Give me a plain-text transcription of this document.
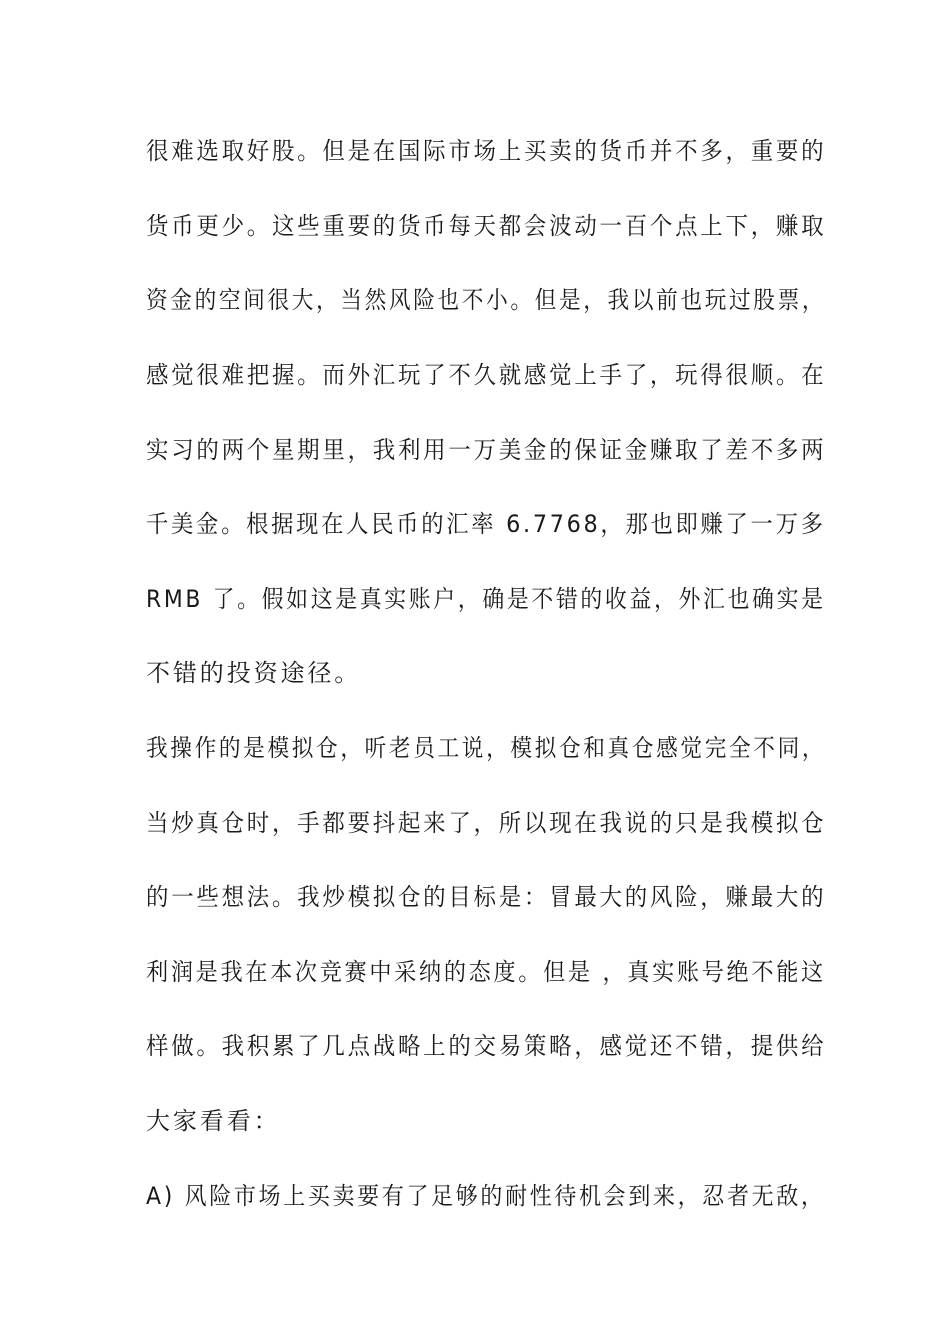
很难选取好股。但是在国际市场上买卖的货币并不多，重要的
货币更少。这些重要的货币每天都会波动一百个点上下，赚取
资金的空间很大，当然风险也不小。但是，我以前也玩过股票，
感觉很难把握。而外汇玩了不久就感觉上手了，玩得很顺。在
实习的两个星期里，我利用一万美金的保证金赚取了差不多两
千美金。根据现在人民币的汇率 6.7768，那也即赚了一万多
RMB 了。假如这是真实账户，确是不错的收益，外汇也确实是
不错的投资途径。
我操作的是模拟仓，听老员工说，模拟仓和真仓感觉完全不同，
当炒真仓时，手都要抖起来了，所以现在我说的只是我模拟仓
的一些想法。我炒模拟仓的目标是：冒最大的风险，赚最大的
利润是我在本次竞赛中采纳的态度。但是 ，真实账号绝不能这
样做。我积累了几点战略上的交易策略，感觉还不错，提供给
大家看看：
A) 风险市场上买卖要有了足够的耐性待机会到来，忍者无敌，
